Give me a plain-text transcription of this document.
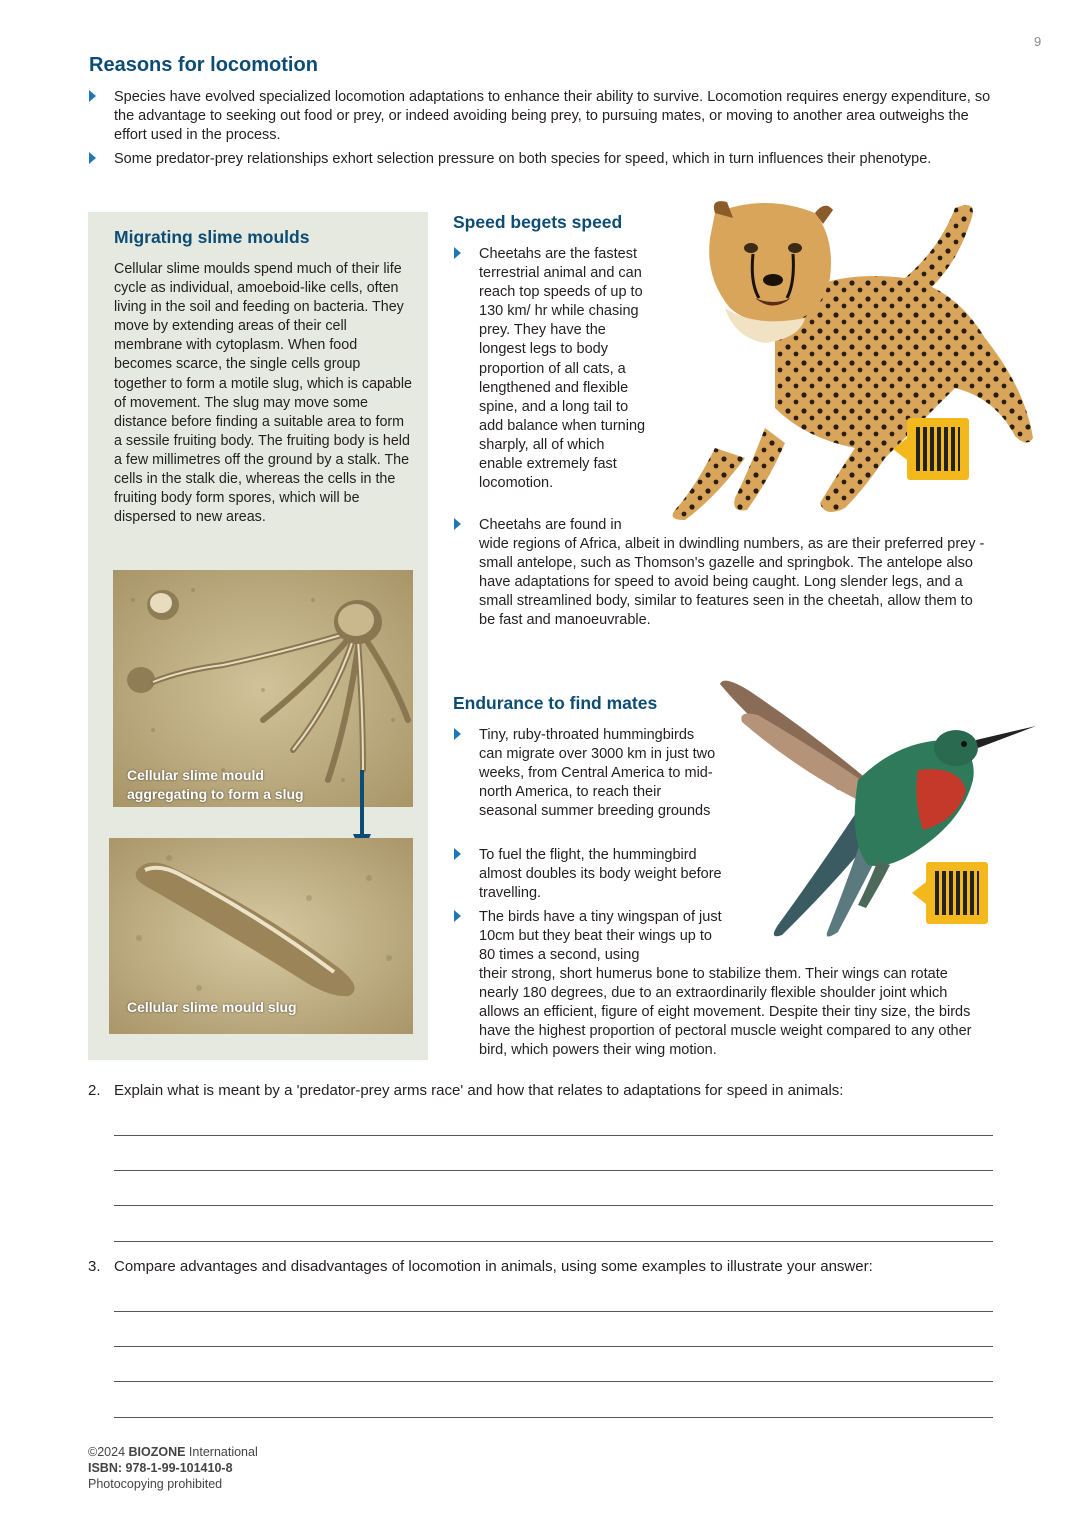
9
Reasons for locomotion
Species have evolved specialized locomotion adaptations to enhance their ability to survive. Locomotion requires energy expenditure, so the advantage to seeking out food or prey, or indeed avoiding being prey, to pursuing mates, or moving to another area outweighs the effort used in the process.
Some predator-prey relationships exhort selection pressure on both species for speed, which in turn influences their phenotype.
Migrating slime moulds

Cellular slime moulds spend much of their life cycle as individual, amoeboid-like cells, often living in the soil and feeding on bacteria. They move by extending areas of their cell membrane with cytoplasm. When food becomes scarce, the single cells group together to form a motile slug, which is capable of movement. The slug may move some distance before finding a suitable area to form a sessile fruiting body. The fruiting body is held a few millimetres off the ground by a stalk. The cells in the stalk die, whereas the cells in the fruiting body form spores, which will be dispersed to new areas.

Cellular slime mould
aggregating to form a slug
Cellular slime mould slug
Speed begets speed
Cheetahs are the fastest terrestrial animal and can reach top speeds of up to 130 km/ hr while chasing prey. They have the longest legs to body proportion of all cats, a lengthened and flexible spine, and a long tail to add balance when turning sharply, all of which enable extremely fast locomotion.
Cheetahs are found in
wide regions of Africa, albeit in dwindling numbers, as are their preferred prey - small antelope, such as Thomson's gazelle and springbok. The antelope also have adaptations for speed to avoid being caught. Long slender legs, and a small streamlined body, similar to features seen in the cheetah, allow them to be fast and manoeuvrable.
Endurance to find mates
Tiny, ruby-throated hummingbirds can migrate over 3000 km in just two weeks, from Central America to mid-north America, to reach their seasonal summer breeding grounds
To fuel the flight, the hummingbird almost doubles its body weight before travelling.
The birds have a tiny wingspan of just 10cm but they beat their wings up to 80 times a second, using
their strong, short humerus bone to stabilize them. Their wings can rotate nearly 180 degrees, due to an extraordinarily flexible shoulder joint which allows an efficient, figure of eight movement. Despite their tiny size, the birds have the highest proportion of pectoral muscle weight compared to any other bird, which powers their wing motion.
2. Explain what is meant by a 'predator-prey arms race' and how that relates to adaptations for speed in animals:
3. Compare advantages and disadvantages of locomotion in animals, using some examples to illustrate your answer:
©2024 BIOZONE International
ISBN: 978-1-99-101410-8
Photocopying prohibited
